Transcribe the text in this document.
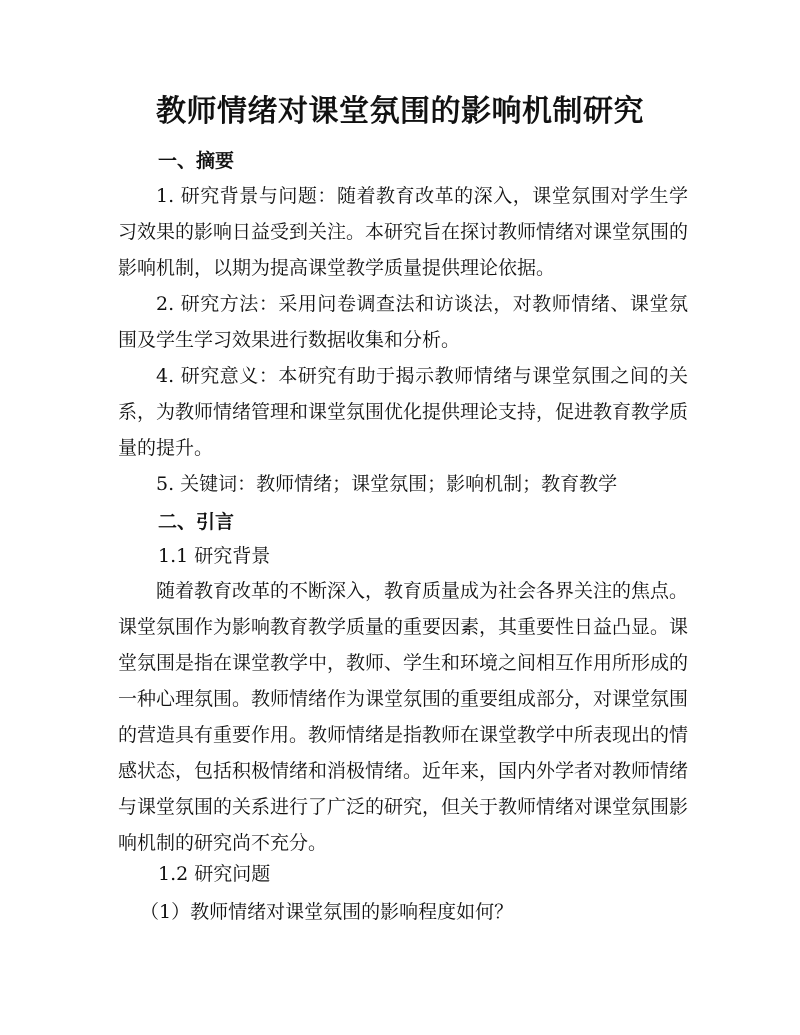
教师情绪对课堂氛围的影响机制研究
一、摘要
1. 研究背景与问题：随着教育改革的深入，课堂氛围对学生学习效果的影响日益受到关注。本研究旨在探讨教师情绪对课堂氛围的影响机制，以期为提高课堂教学质量提供理论依据。
2. 研究方法：采用问卷调查法和访谈法，对教师情绪、课堂氛围及学生学习效果进行数据收集和分析。
4. 研究意义：本研究有助于揭示教师情绪与课堂氛围之间的关系，为教师情绪管理和课堂氛围优化提供理论支持，促进教育教学质量的提升。
5. 关键词：教师情绪；课堂氛围；影响机制；教育教学
二、引言
1.1 研究背景
随着教育改革的不断深入，教育质量成为社会各界关注的焦点。课堂氛围作为影响教育教学质量的重要因素，其重要性日益凸显。课堂氛围是指在课堂教学中，教师、学生和环境之间相互作用所形成的一种心理氛围。教师情绪作为课堂氛围的重要组成部分，对课堂氛围的营造具有重要作用。教师情绪是指教师在课堂教学中所表现出的情感状态，包括积极情绪和消极情绪。近年来，国内外学者对教师情绪与课堂氛围的关系进行了广泛的研究，但关于教师情绪对课堂氛围影响机制的研究尚不充分。
1.2 研究问题
（1）教师情绪对课堂氛围的影响程度如何？
